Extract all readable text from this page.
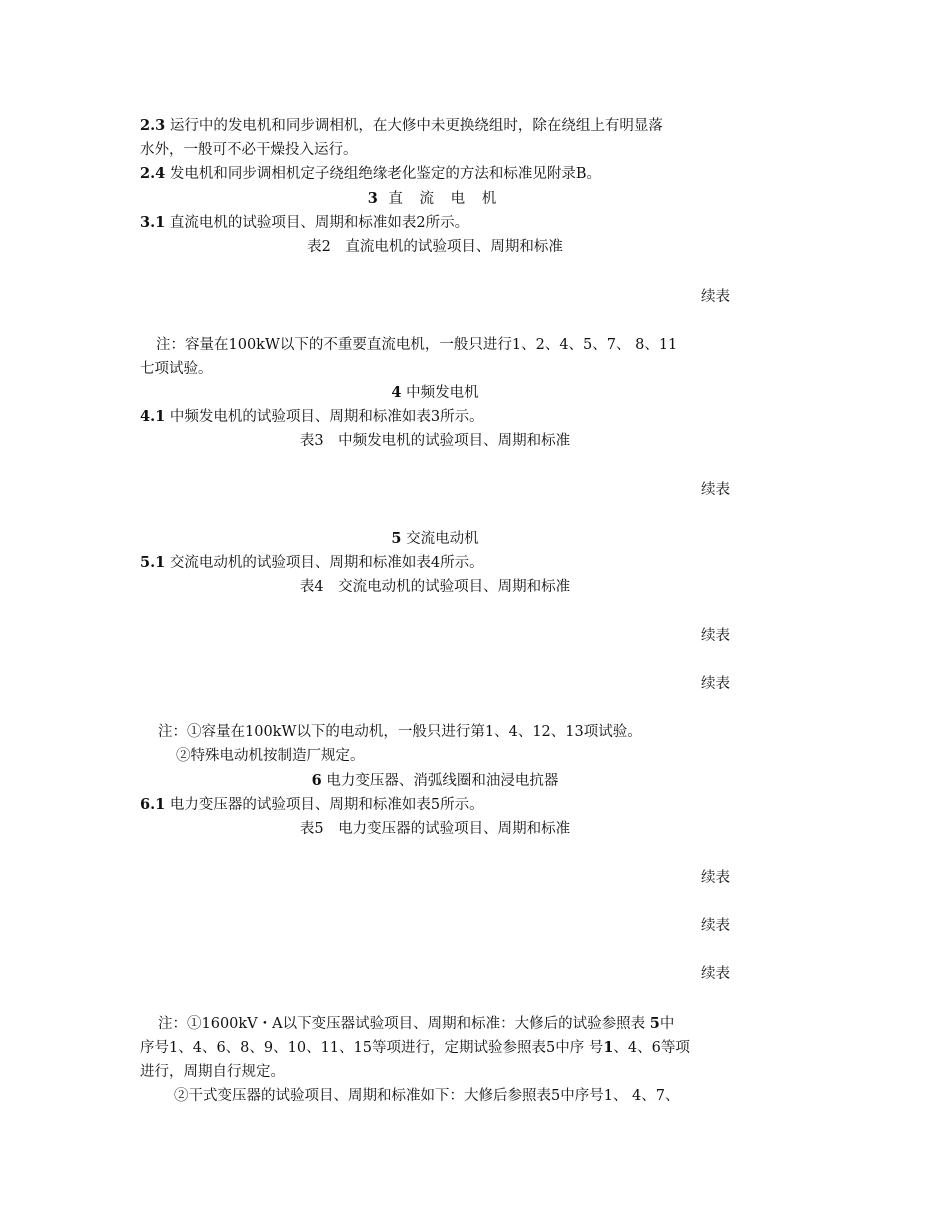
2.3 运行中的发电机和同步调相机，在大修中未更换绕组时，除在绕组上有明显落
水外，一般可不必干燥投入运行。
2.4 发电机和同步调相机定子绕组绝缘老化鉴定的方法和标准见附录B。
3 直 流 电 机
3.1 直流电机的试验项目、周期和标准如表2所示。
表2　直流电机的试验项目、周期和标准
续表
注：容量在100kW以下的不重要直流电机，一般只进行1、2、4、5、7、 8、11
七项试验。
4 中频发电机
4.1 中频发电机的试验项目、周期和标准如表3所示。
表3　中频发电机的试验项目、周期和标准
续表
5 交流电动机
5.1 交流电动机的试验项目、周期和标准如表4所示。
表4　交流电动机的试验项目、周期和标准
续表
续表
注：①容量在100kW以下的电动机，一般只进行第1、4、12、13项试验。
②特殊电动机按制造厂规定。
6 电力变压器、消弧线圈和油浸电抗器
6.1 电力变压器的试验项目、周期和标准如表5所示。
表5　电力变压器的试验项目、周期和标准
续表
续表
续表
注：①1600kV・A以下变压器试验项目、周期和标准：大修后的试验参照表 5中
序号1、4、6、8、9、10、11、15等项进行，定期试验参照表5中序 号1、4、6等项
进行，周期自行规定。
②干式变压器的试验项目、周期和标准如下：大修后参照表5中序号1、 4、7、
